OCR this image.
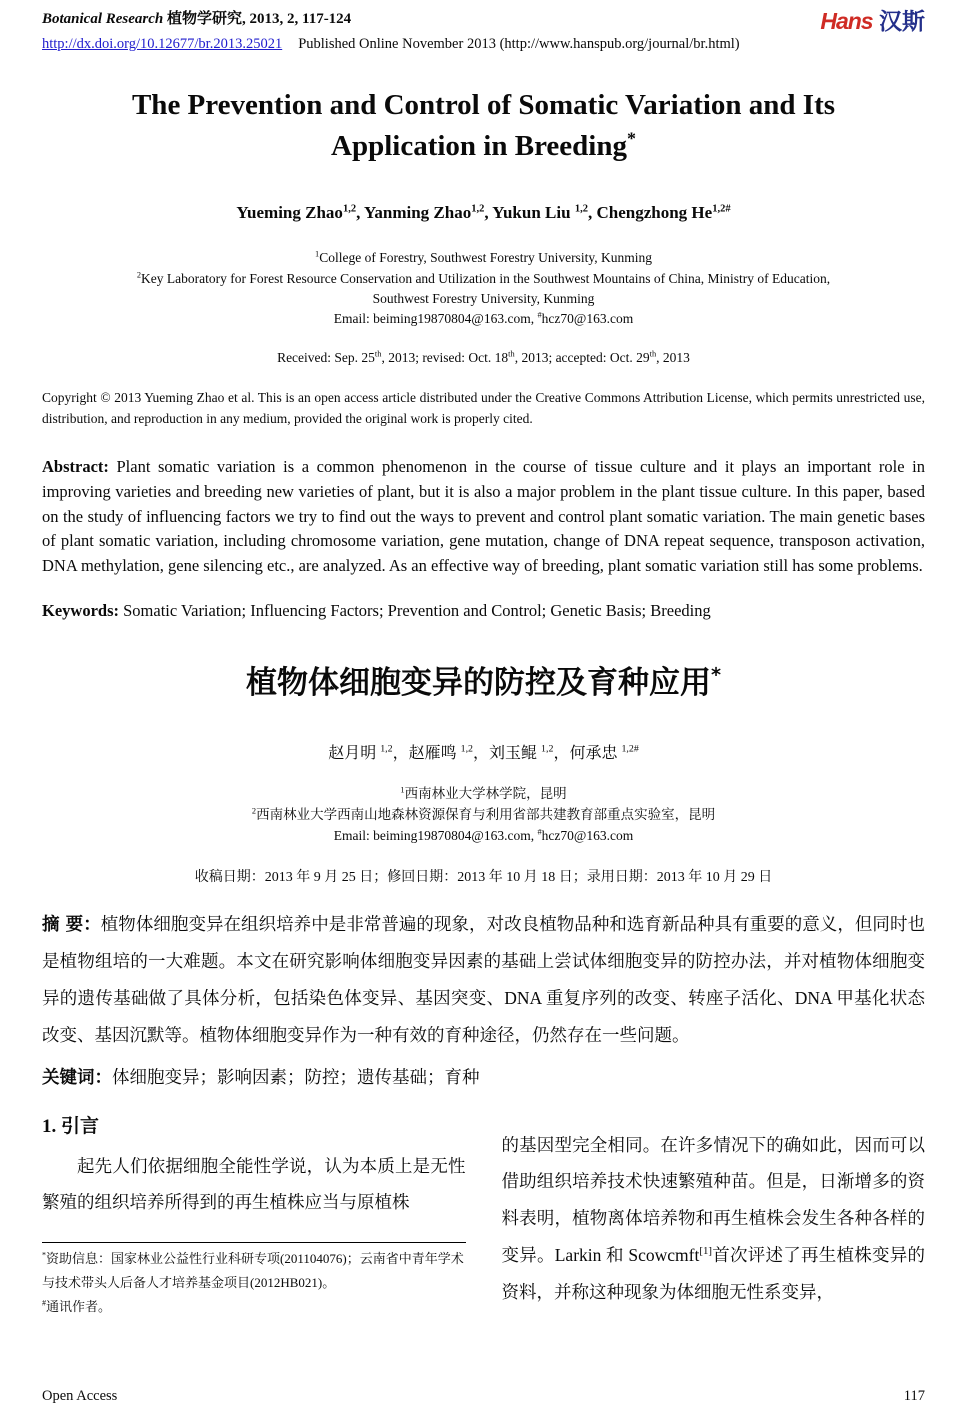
Botanical Research 植物学研究, 2013, 2, 117-124	Hans 汉斯
http://dx.doi.org/10.12677/br.2013.25021 Published Online November 2013 (http://www.hanspub.org/journal/br.html)
The Prevention and Control of Somatic Variation and Its
Application in Breeding*
Yueming Zhao$^{1,2}$, Yanming Zhao$^{1,2}$, Yukun Liu $^{1,2}$, Chengzhong $He^{1,2\#}$
$^1$College of Forestry, Southwest Forestry University, Kunming
$^2$Key Laboratory for Forest Resource Conservation and Utilization in the Southwest Mountains of China, Ministry of Education,
Southwest Forestry University, Kunming
Email: beiming19870804@163.com, #hcz70@163.com
Received: Sep. 25th, 2013; revised: Oct. 18th, 2013; accepted: Oct. 29th, 2013
Copyright © 2013 Yueming Zhao et al. This is an open access article distributed under the Creative Commons Attribution License, which permits unrestricted use, distribution, and reproduction in any medium, provided the original work is properly cited.
Abstract: Plant somatic variation is a common phenomenon in the course of tissue culture and it plays an important role in improving varieties and breeding new varieties of plant, but it is also a major problem in the plant tissue culture. In this paper, based on the study of influencing factors we try to find out the ways to prevent and control plant somatic variation. The main genetic bases of plant somatic variation, including chromosome variation, gene mutation, change of DNA repeat sequence, transposon activation, DNA methylation, gene silencing etc., are analyzed. As an effective way of breeding, plant somatic variation still has some problems.
Keywords: Somatic Variation; Influencing Factors; Prevention and Control; Genetic Basis; Breeding
植物体细胞变异的防控及育种应用*
赵月明 $^{1,2}$，赵雁鸣 $^{1,2}$，刘玉鲲 $^{1,2}$，何承忠 $^{1,2\#}$
$^1$西南林业大学林学院，昆明
$^2$西南林业大学西南山地森林资源保育与利用省部共建教育部重点实验室，昆明
Email: beiming19870804@163.com, #hcz70@163.com
收稿日期：2013 年 9 月 25 日；修回日期：2013 年 10 月 18 日；录用日期：2013 年 10 月 29 日
摘 要：植物体细胞变异在组织培养中是非常普遍的现象，对改良植物品种和选育新品种具有重要的意义，但同时也是植物组培的一大难题。本文在研究影响体细胞变异因素的基础上尝试体细胞变异的防控办法，并对植物体细胞变异的遗传基础做了具体分析，包括染色体变异、基因突变、DNA 重复序列的改变、转座子活化、DNA 甲基化状态改变、基因沉默等。植物体细胞变异作为一种有效的育种途径，仍然存在一些问题。
关键词：体细胞变异；影响因素；防控；遗传基础；育种
1. 引言

起先人们依据细胞全能性学说，认为本质上是无性繁殖的组织培养所得到的再生植株应当与原植株

*资助信息：国家林业公益性行业科研专项(201104076)；云南省中青年学术与技术带头人后备人才培养基金项目(2012HB021)。
#通讯作者。

的基因型完全相同。在许多情况下的确如此，因而可以借助组织培养技术快速繁殖种苗。但是，日渐增多的资料表明，植物离体培养物和再生植株会发生各种各样的变异。Larkin 和 Scowcmft[1]首次评述了再生植株变异的资料，并称这种现象为体细胞无性系变异，

Open Access	117
